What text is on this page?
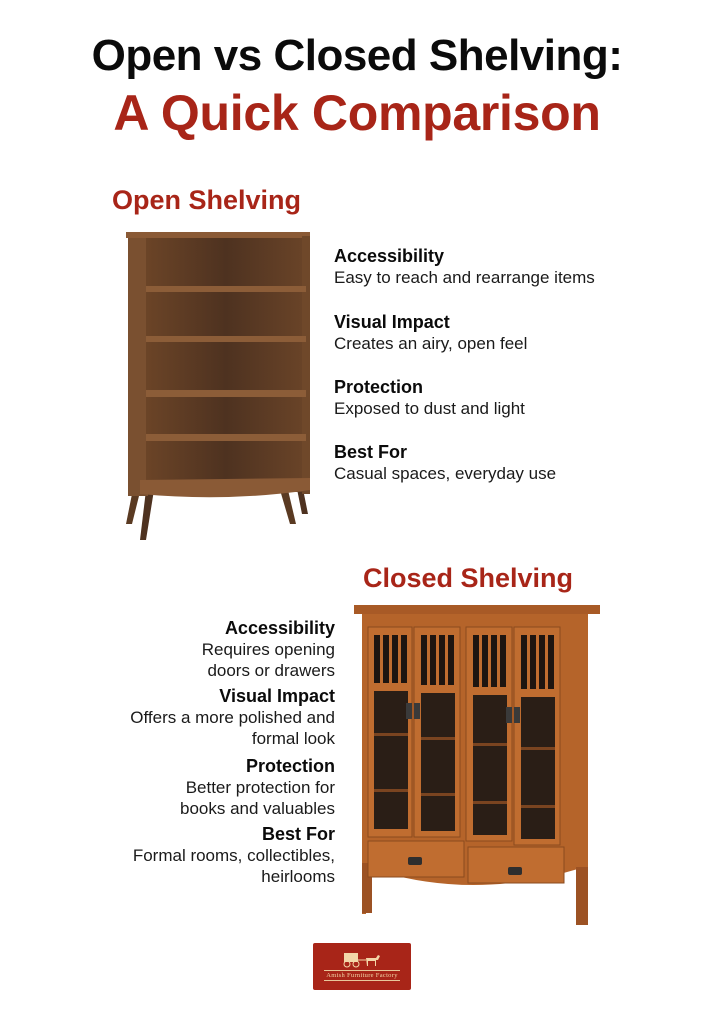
Open vs Closed Shelving:
A Quick Comparison
Open Shelving
Accessibility
Easy to reach and rearrange items
Visual Impact
Creates an airy, open feel
Protection
Exposed to dust and light
Best For
Casual spaces, everyday use
Closed Shelving
Accessibility
Requires opening
doors or drawers
Visual Impact
Offers a more polished and
formal look
Protection
Better protection for
books and valuables
Best For
Formal rooms, collectibles,
heirlooms
Amish Furniture Factory
